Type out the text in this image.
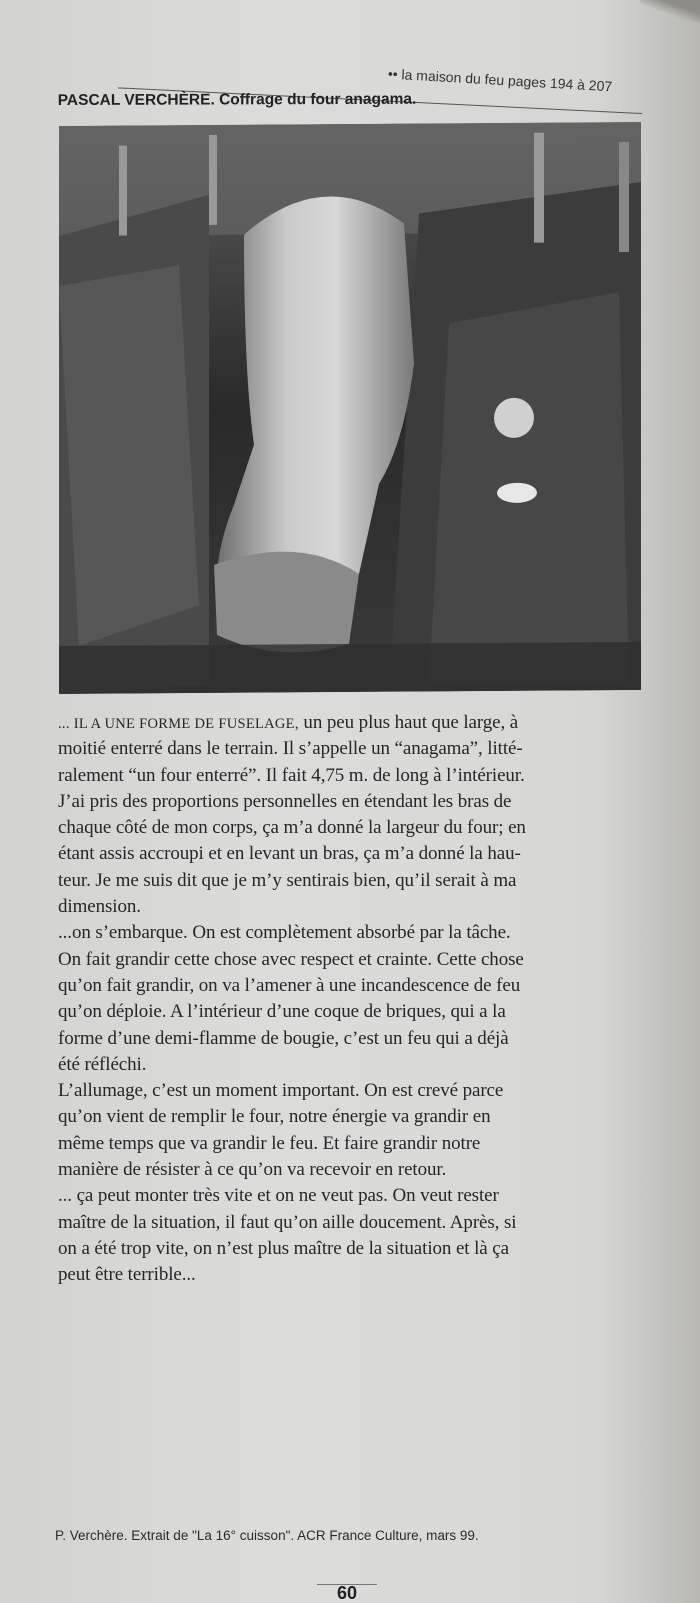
•• la maison du feu pages 194 à 207
PASCAL VERCHÈRE. Coffrage du four anagama.
... IL A UNE FORME DE FUSELAGE, un peu plus haut que large, à
moitié enterré dans le terrain. Il s’appelle un “anagama”, litté-
ralement “un four enterré”. Il fait 4,75 m. de long à l’intérieur.
J’ai pris des proportions personnelles en étendant les bras de
chaque côté de mon corps, ça m’a donné la largeur du four; en
étant assis accroupi et en levant un bras, ça m’a donné la hau-
teur. Je me suis dit que je m’y sentirais bien, qu’il serait à ma
dimension.
...on s’embarque. On est complètement absorbé par la tâche.
On fait grandir cette chose avec respect et crainte. Cette chose
qu’on fait grandir, on va l’amener à une incandescence de feu
qu’on déploie. A l’intérieur d’une coque de briques, qui a la
forme d’une demi-flamme de bougie, c’est un feu qui a déjà
été réfléchi.
L’allumage, c’est un moment important. On est crevé parce
qu’on vient de remplir le four, notre énergie va grandir en
même temps que va grandir le feu. Et faire grandir notre
manière de résister à ce qu’on va recevoir en retour.
... ça peut monter très vite et on ne veut pas. On veut rester
maître de la situation, il faut qu’on aille doucement. Après, si
on a été trop vite, on n’est plus maître de la situation et là ça
peut être terrible...
P. Verchère. Extrait de "La 16° cuisson". ACR France Culture, mars 99.
60
